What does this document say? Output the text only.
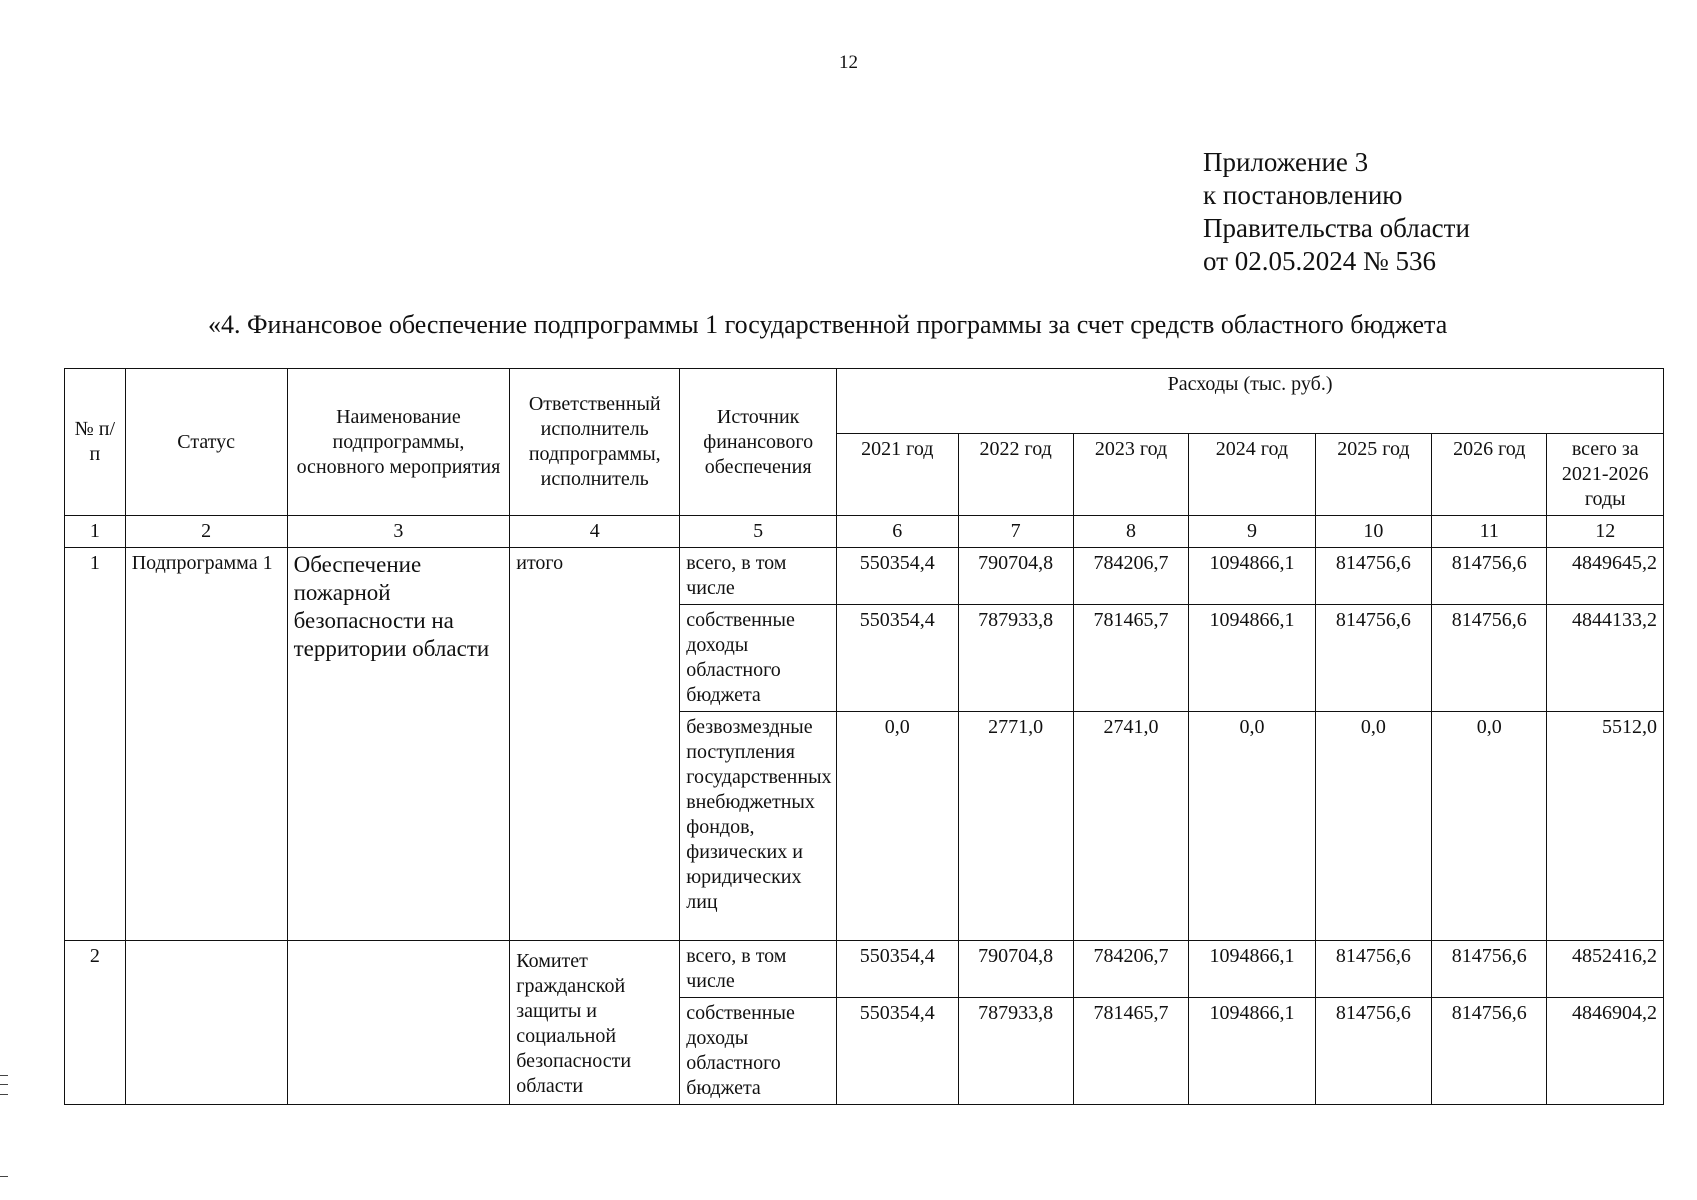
12
Приложение 3
к постановлению
Правительства области
от 02.05.2024 № 536
«4. Финансовое обеспечение подпрограммы 1 государственной программы за счет средств областного бюджета
№ п/п	Статус	Наименование подпрограммы, основного мероприятия	Ответственный исполнитель подпрограммы, исполнитель	Источник финансового обеспечения	Расходы (тыс. руб.)						
					2021 год	2022 год	2023 год	2024 год	2025 год	2026 год	всего за 2021-2026 годы
1	2	3	4	5	6	7	8	9	10	11	12
1	Подпрограмма 1	Обеспечение пожарной безопасности на территории области	итого	всего, в том числе	550354,4	790704,8	784206,7	1094866,1	814756,6	814756,6	4849645,2
				собственные доходы областного бюджета	550354,4	787933,8	781465,7	1094866,1	814756,6	814756,6	4844133,2
				безвозмездные поступления государственных внебюджетных фондов, физических и юридических лиц	0,0	2771,0	2741,0	0,0	0,0	0,0	5512,0
2			Комитет гражданской защиты и социальной безопасности области	всего, в том числе	550354,4	790704,8	784206,7	1094866,1	814756,6	814756,6	4852416,2
				собственные доходы областного бюджета	550354,4	787933,8	781465,7	1094866,1	814756,6	814756,6	4846904,2
